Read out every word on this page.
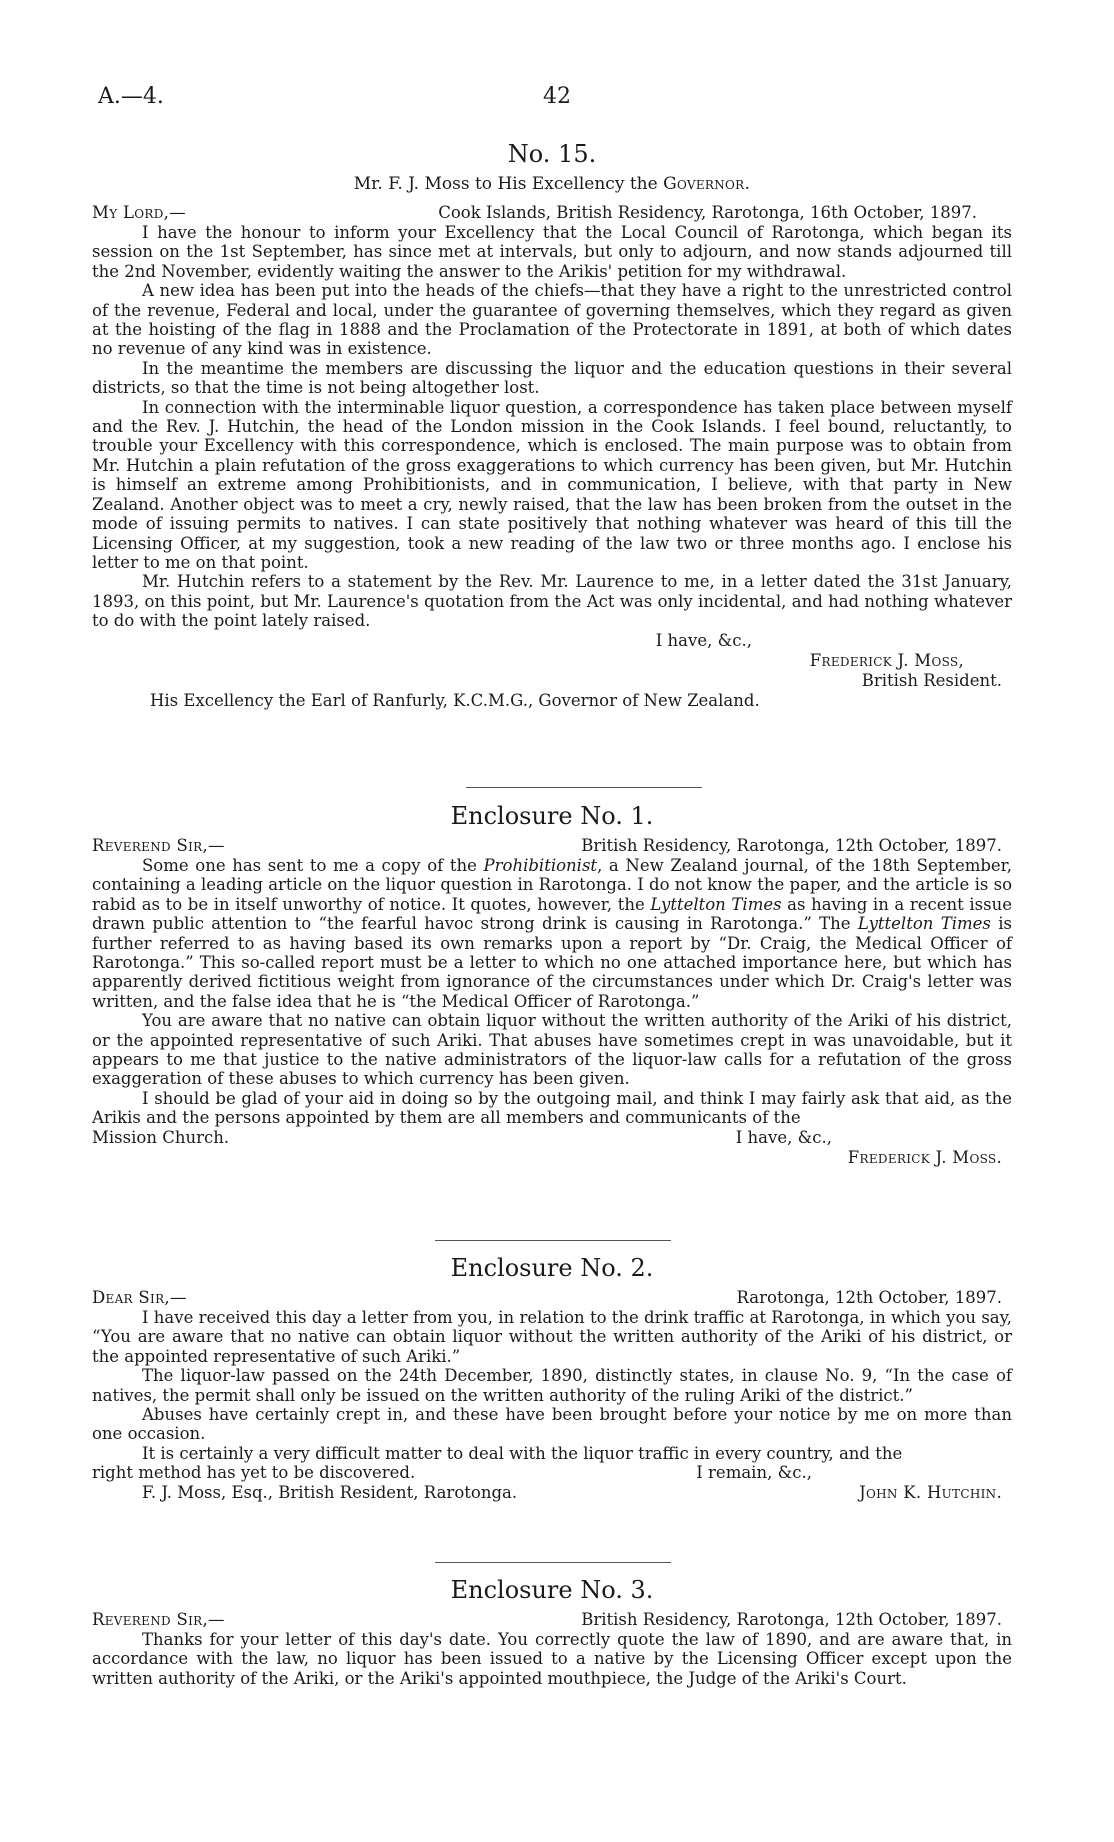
A.—4.	42
No. 15.
Mr. F. J. Moss to His Excellency the Governor.
My Lord,—	Cook Islands, British Residency, Rarotonga, 16th October, 1897.

I have the honour to inform your Excellency that the Local Council of Rarotonga, which began its session on the 1st September, has since met at intervals, but only to adjourn, and now stands adjourned till the 2nd November, evidently waiting the answer to the Arikis' petition for my withdrawal.

A new idea has been put into the heads of the chiefs—that they have a right to the unrestricted control of the revenue, Federal and local, under the guarantee of governing themselves, which they regard as given at the hoisting of the flag in 1888 and the Proclamation of the Protectorate in 1891, at both of which dates no revenue of any kind was in existence.

In the meantime the members are discussing the liquor and the education questions in their several districts, so that the time is not being altogether lost.

In connection with the interminable liquor question, a correspondence has taken place between myself and the Rev. J. Hutchin, the head of the London mission in the Cook Islands. I feel bound, reluctantly, to trouble your Excellency with this correspondence, which is enclosed. The main purpose was to obtain from Mr. Hutchin a plain refutation of the gross exaggerations to which currency has been given, but Mr. Hutchin is himself an extreme among Prohibitionists, and in communication, I believe, with that party in New Zealand. Another object was to meet a cry, newly raised, that the law has been broken from the outset in the mode of issuing permits to natives. I can state positively that nothing whatever was heard of this till the Licensing Officer, at my suggestion, took a new reading of the law two or three months ago. I enclose his letter to me on that point.

Mr. Hutchin refers to a statement by the Rev. Mr. Laurence to me, in a letter dated the 31st January, 1893, on this point, but Mr. Laurence's quotation from the Act was only incidental, and had nothing whatever to do with the point lately raised.

I have, &c.,
Frederick J. Moss,
British Resident.
His Excellency the Earl of Ranfurly, K.C.M.G., Governor of New Zealand.
Enclosure No. 1.
Reverend Sir,—	British Residency, Rarotonga, 12th October, 1897.

Some one has sent to me a copy of the Prohibitionist, a New Zealand journal, of the 18th September, containing a leading article on the liquor question in Rarotonga. I do not know the paper, and the article is so rabid as to be in itself unworthy of notice. It quotes, however, the Lyttelton Times as having in a recent issue drawn public attention to “the fearful havoc strong drink is causing in Rarotonga.” The Lyttelton Times is further referred to as having based its own remarks upon a report by “Dr. Craig, the Medical Officer of Rarotonga.” This so-called report must be a letter to which no one attached importance here, but which has apparently derived fictitious weight from ignorance of the circumstances under which Dr. Craig's letter was written, and the false idea that he is “the Medical Officer of Rarotonga.”

You are aware that no native can obtain liquor without the written authority of the Ariki of his district, or the appointed representative of such Ariki. That abuses have sometimes crept in was unavoidable, but it appears to me that justice to the native administrators of the liquor-law calls for a refutation of the gross exaggeration of these abuses to which currency has been given.

I should be glad of your aid in doing so by the outgoing mail, and think I may fairly ask that aid, as the Arikis and the persons appointed by them are all members and communicants of the

Mission Church.	I have, &c.,
Frederick J. Moss.
Enclosure No. 2.
Dear Sir,—	Rarotonga, 12th October, 1897.

I have received this day a letter from you, in relation to the drink traffic at Rarotonga, in which you say, “You are aware that no native can obtain liquor without the written authority of the Ariki of his district, or the appointed representative of such Ariki.”

The liquor-law passed on the 24th December, 1890, distinctly states, in clause No. 9, “In the case of natives, the permit shall only be issued on the written authority of the ruling Ariki of the district.”

Abuses have certainly crept in, and these have been brought before your notice by me on more than one occasion.

It is certainly a very difficult matter to deal with the liquor traffic in every country, and the

right method has yet to be discovered.	I remain, &c.,
F. J. Moss, Esq., British Resident, Rarotonga.	John K. Hutchin.
Enclosure No. 3.
Reverend Sir,—	British Residency, Rarotonga, 12th October, 1897.

Thanks for your letter of this day's date. You correctly quote the law of 1890, and are aware that, in accordance with the law, no liquor has been issued to a native by the Licensing Officer except upon the written authority of the Ariki, or the Ariki's appointed mouthpiece, the Judge of the Ariki's Court.
